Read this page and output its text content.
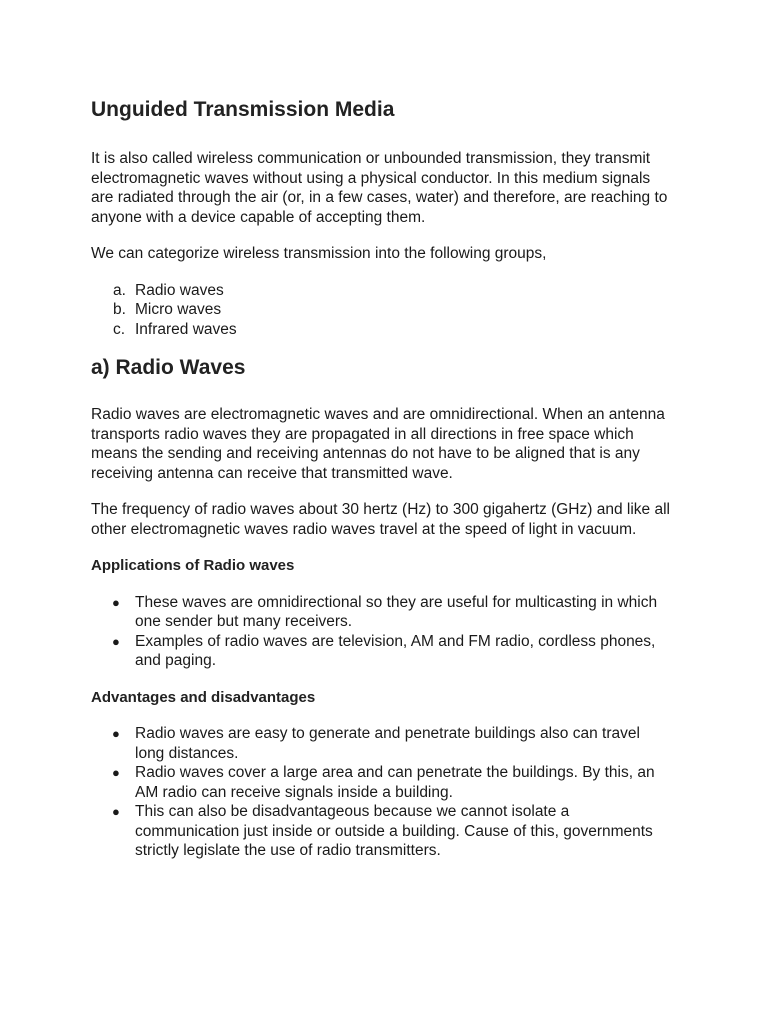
Unguided Transmission Media

It is also called wireless communication or unbounded transmission, they transmit electromagnetic waves without using a physical conductor. In this medium signals are radiated through the air (or, in a few cases, water) and therefore, are reaching to anyone with a device capable of accepting them.

We can categorize wireless transmission into the following groups,

a. Radio waves
b. Micro waves
c. Infrared waves
a) Radio Waves

Radio waves are electromagnetic waves and are omnidirectional. When an antenna transports radio waves they are propagated in all directions in free space which means the sending and receiving antennas do not have to be aligned that is any receiving antenna can receive that transmitted wave.

The frequency of radio waves about 30 hertz (Hz) to 300 gigahertz (GHz) and like all other electromagnetic waves radio waves travel at the speed of light in vacuum.

Applications of Radio waves
● These waves are omnidirectional so they are useful for multicasting in which one sender but many receivers.
● Examples of radio waves are television, AM and FM radio, cordless phones, and paging.
Advantages and disadvantages
● Radio waves are easy to generate and penetrate buildings also can travel long distances.
● Radio waves cover a large area and can penetrate the buildings. By this, an AM radio can receive signals inside a building.
● This can also be disadvantageous because we cannot isolate a communication just inside or outside a building. Cause of this, governments strictly legislate the use of radio transmitters.
